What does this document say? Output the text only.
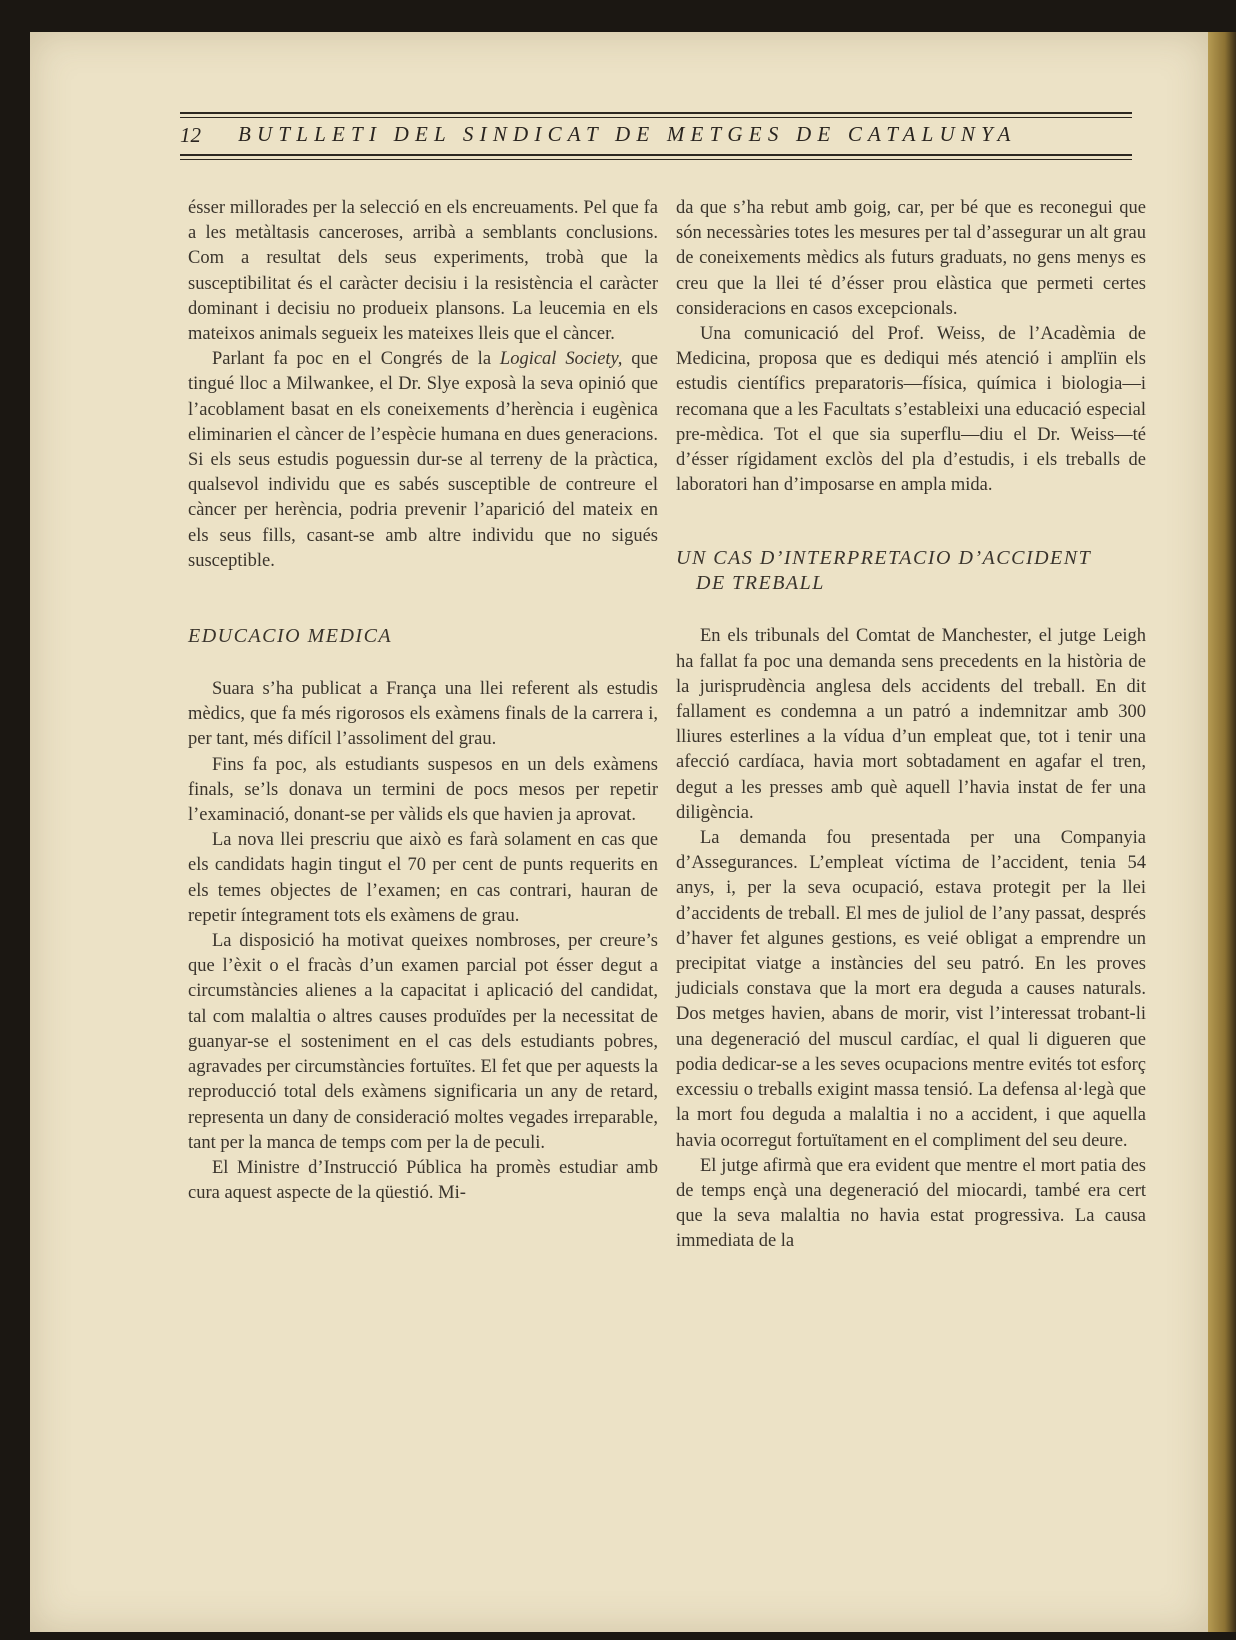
12 BUTLLETI DEL SINDICAT DE METGES DE CATALUNYA

ésser millorades per la selecció en els encreuaments. Pel que fa a les metàltasis canceroses, arribà a semblants conclusions. Com a resultat dels seus experiments, trobà que la susceptibilitat és el caràcter decisiu i la resistència el caràcter dominant i decisiu no produeix plansons. La leucemia en els mateixos animals segueix les mateixes lleis que el càncer.

Parlant fa poc en el Congrés de la Logical Society, que tingué lloc a Milwankee, el Dr. Slye exposà la seva opinió que l’acoblament basat en els coneixements d’herència i eugènica eliminarien el càncer de l’espècie humana en dues generacions. Si els seus estudis poguessin dur-se al terreny de la pràctica, qualsevol individu que es sabés susceptible de contreure el càncer per herència, podria prevenir l’aparició del mateix en els seus fills, casant-se amb altre individu que no sigués susceptible.

EDUCACIO MEDICA

Suara s’ha publicat a França una llei referent als estudis mèdics, que fa més rigorosos els exàmens finals de la carrera i, per tant, més difícil l’assoliment del grau.

Fins fa poc, als estudiants suspesos en un dels exàmens finals, se’ls donava un termini de pocs mesos per repetir l’examinació, donant-se per vàlids els que havien ja aprovat.

La nova llei prescriu que això es farà solament en cas que els candidats hagin tingut el 70 per cent de punts requerits en els temes objectes de l’examen; en cas contrari, hauran de repetir íntegrament tots els exàmens de grau.

La disposició ha motivat queixes nombroses, per creure’s que l’èxit o el fracàs d’un examen parcial pot ésser degut a circumstàncies alienes a la capacitat i aplicació del candidat, tal com malaltia o altres causes produïdes per la necessitat de guanyar-se el sosteniment en el cas dels estudiants pobres, agravades per circumstàncies fortuïtes. El fet que per aquests la reproducció total dels exàmens significaria un any de retard, representa un dany de consideració moltes vegades irreparable, tant per la manca de temps com per la de peculi.

El Ministre d’Instrucció Pública ha promès estudiar amb cura aquest aspecte de la qüestió. Mi-

da que s’ha rebut amb goig, car, per bé que es reconegui que són necessàries totes les mesures per tal d’assegurar un alt grau de coneixements mèdics als futurs graduats, no gens menys es creu que la llei té d’ésser prou elàstica que permeti certes consideracions en casos excepcionals.

Una comunicació del Prof. Weiss, de l’Acadèmia de Medicina, proposa que es dediqui més atenció i amplïin els estudis científics preparatoris—física, química i biologia—i recomana que a les Facultats s’estableixi una educació especial pre-mèdica. Tot el que sia superflu—diu el Dr. Weiss—té d’ésser rígidament exclòs del pla d’estudis, i els treballs de laboratori han d’imposarse en ampla mida.

UN CAS D’INTERPRETACIO D’ACCIDENT
DE TREBALL

En els tribunals del Comtat de Manchester, el jutge Leigh ha fallat fa poc una demanda sens precedents en la història de la jurisprudència anglesa dels accidents del treball. En dit fallament es condemna a un patró a indemnitzar amb 300 lliures esterlines a la vídua d’un empleat que, tot i tenir una afecció cardíaca, havia mort sobtadament en agafar el tren, degut a les presses amb què aquell l’havia instat de fer una diligència.

La demanda fou presentada per una Companyia d’Assegurances. L’empleat víctima de l’accident, tenia 54 anys, i, per la seva ocupació, estava protegit per la llei d’accidents de treball. El mes de juliol de l’any passat, després d’haver fet algunes gestions, es veié obligat a emprendre un precipitat viatge a instàncies del seu patró. En les proves judicials constava que la mort era deguda a causes naturals. Dos metges havien, abans de morir, vist l’interessat trobant-li una degeneració del muscul cardíac, el qual li digueren que podia dedicar-se a les seves ocupacions mentre evités tot esforç excessiu o treballs exigint massa tensió. La defensa al·legà que la mort fou deguda a malaltia i no a accident, i que aquella havia ocorregut fortuïtament en el compliment del seu deure.

El jutge afirmà que era evident que mentre el mort patia des de temps ençà una degeneració del miocardi, també era cert que la seva malaltia no havia estat progressiva. La causa immediata de la
